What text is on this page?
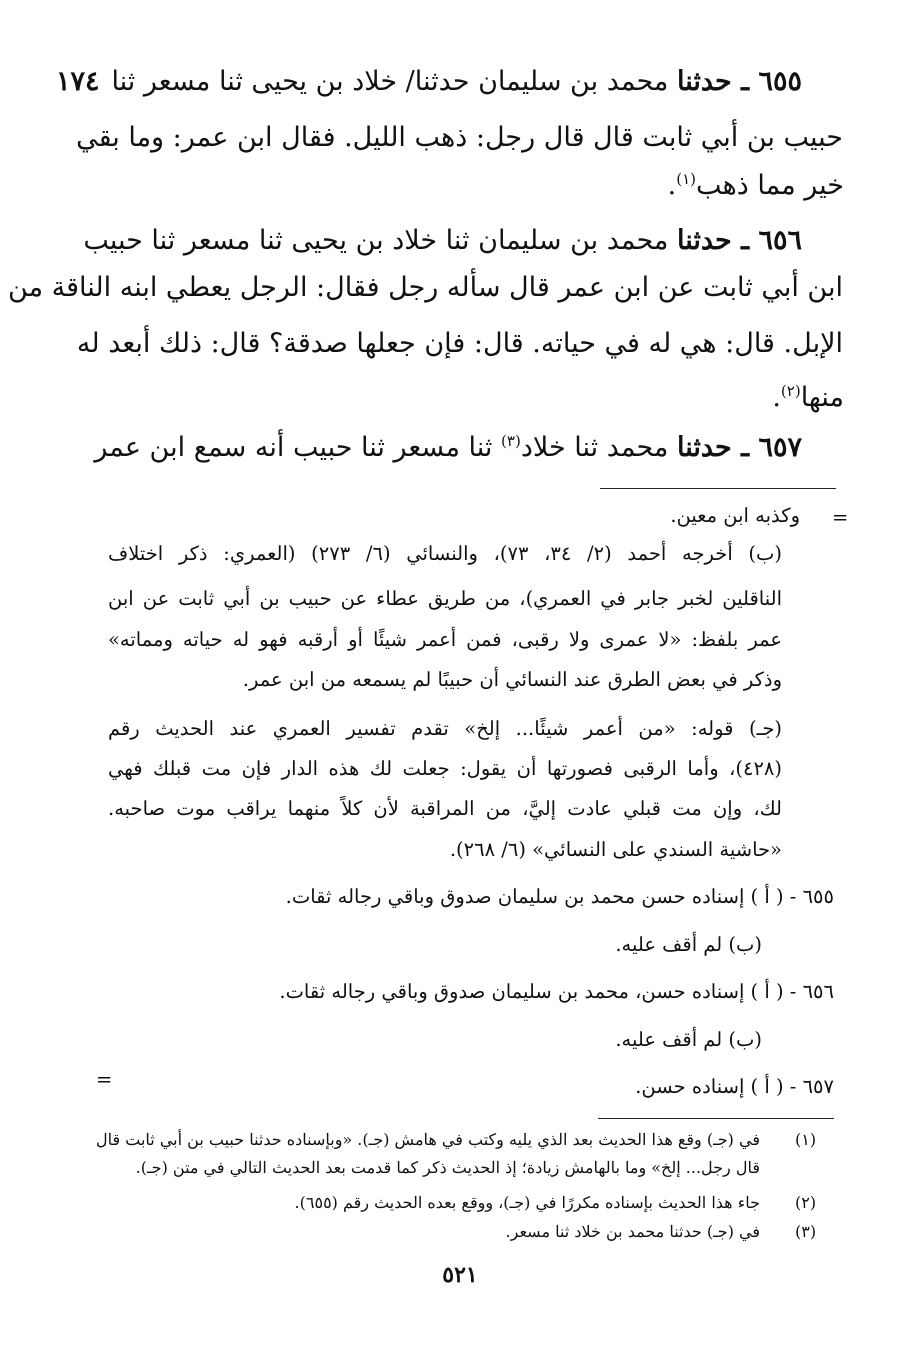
١٧٤	٦٥٥ ـ حدثنا محمد بن سليمان حدثنا/ خلاد بن يحيى ثنا مسعر ثنا
حبيب بن أبي ثابت قال قال رجل: ذهب الليل. فقال ابن عمر: وما بقي
خير مما ذهب$^{(١)}$.
٦٥٦ ـ حدثنا محمد بن سليمان ثنا خلاد بن يحيى ثنا مسعر ثنا حبيب
ابن أبي ثابت عن ابن عمر قال سأله رجل فقال: الرجل يعطي ابنه الناقة من
الإبل. قال: هي له في حياته. قال: فإن جعلها صدقة؟ قال: ذلك أبعد له
منها$^{(٢)}$.
٦٥٧ ـ حدثنا محمد ثنا خلاد$^{(٣)}$ ثنا مسعر ثنا حبيب أنه سمع ابن عمر
=
وكذبه ابن معين.
(ب) أخرجه أحمد (٢/ ٣٤، ٧٣)، والنسائي (٦/ ٢٧٣) (العمري: ذكر اختلاف
الناقلين لخبر جابر في العمري)، من طريق عطاء عن حبيب بن أبي ثابت عن ابن
عمر بلفظ: «لا عمرى ولا رقبى، فمن أعمر شيئًا أو أرقبه فهو له حياته ومماته»
وذكر في بعض الطرق عند النسائي أن حبيبًا لم يسمعه من ابن عمر.
(جـ) قوله: «من أعمر شيئًا... إلخ» تقدم تفسير العمري عند الحديث رقم
(٤٢٨)، وأما الرقبى فصورتها أن يقول: جعلت لك هذه الدار فإن مت قبلك فهي
لك، وإن مت قبلي عادت إليَّ، من المراقبة لأن كلاً منهما يراقب موت صاحبه.
«حاشية السندي على النسائي» (٦/ ٢٦٨).
٦٥٥ - ( أ ) إسناده حسن محمد بن سليمان صدوق وباقي رجاله ثقات.
(ب) لم أقف عليه.
٦٥٦ - ( أ ) إسناده حسن، محمد بن سليمان صدوق وباقي رجاله ثقات.
(ب) لم أقف عليه.
٦٥٧ - ( أ ) إسناده حسن.
=
(١)
في (جـ) وقع هذا الحديث بعد الذي يليه وكتب في هامش (جـ). «وبإسناده حدثنا حبيب بن أبي ثابت قال
قال رجل... إلخ» وما بالهامش زيادة؛ إذ الحديث ذكر كما قدمت بعد الحديث التالي في متن (جـ).
(٢)
جاء هذا الحديث بإسناده مكررًا في (جـ)، ووقع بعده الحديث رقم (٦٥٥).
(٣)
في (جـ) حدثنا محمد بن خلاد ثنا مسعر.
٥٢١
